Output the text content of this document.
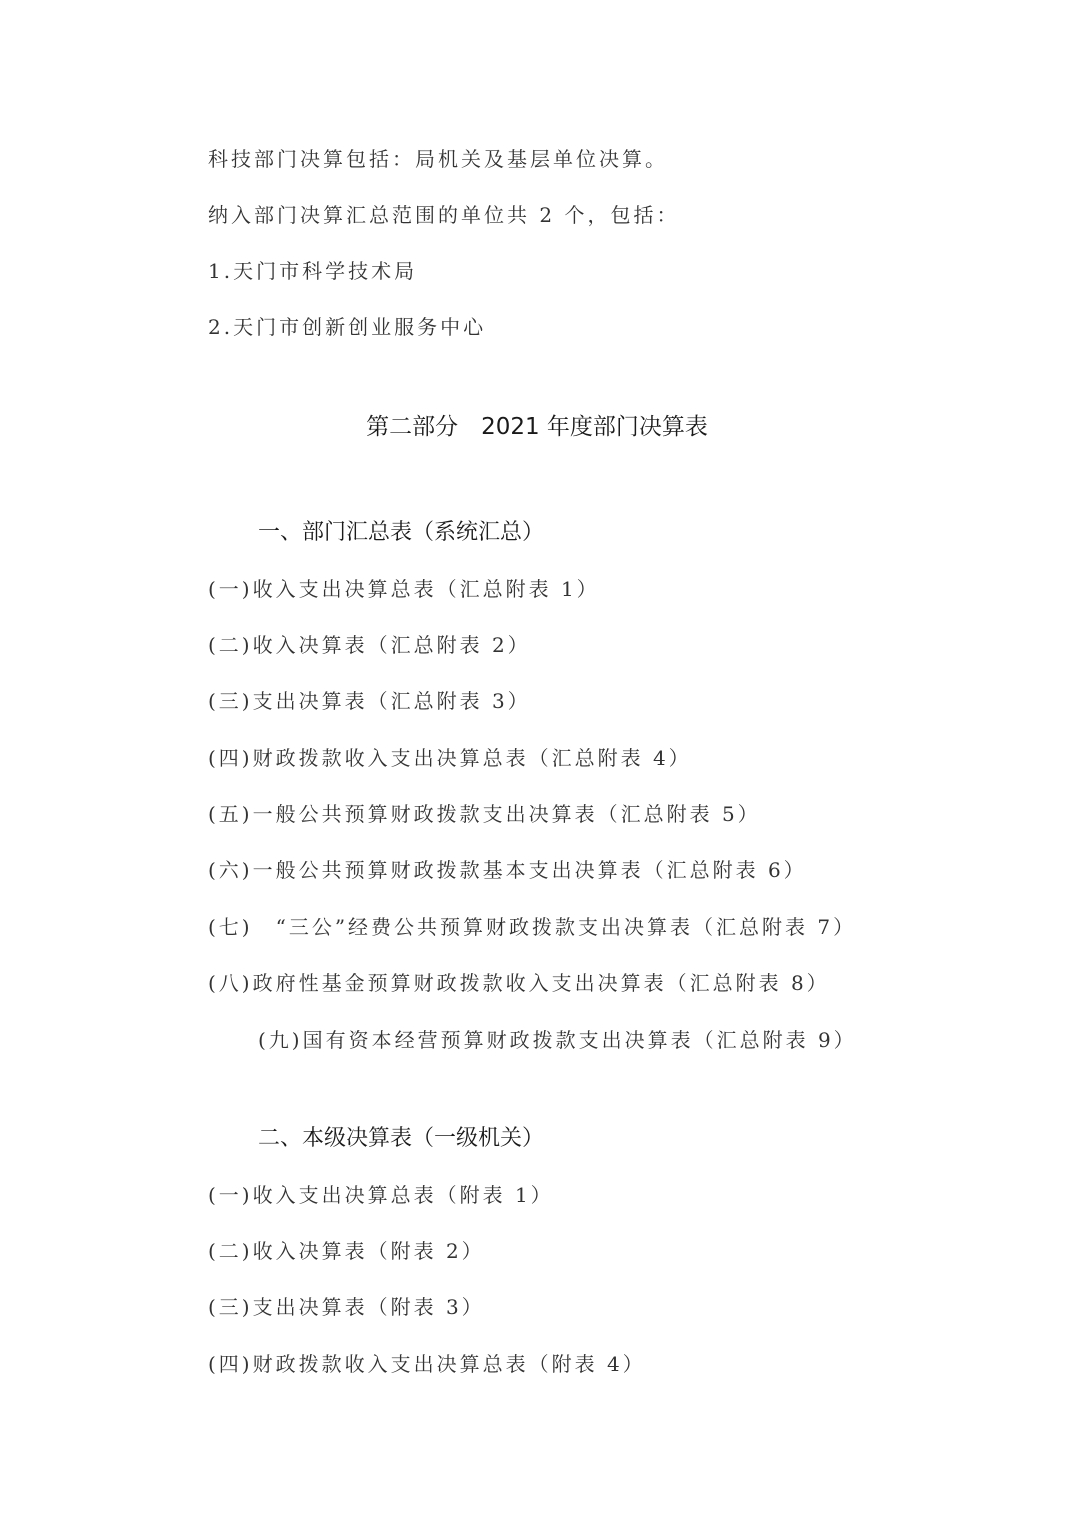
科技部门决算包括：局机关及基层单位决算。
纳入部门决算汇总范围的单位共 2 个，包括：
1.天门市科学技术局
2.天门市创新创业服务中心
第二部分　2021 年度部门决算表
一、部门汇总表（系统汇总）
(一)收入支出决算总表（汇总附表 1）
(二)收入决算表（汇总附表 2）
(三)支出决算表（汇总附表 3）
(四)财政拨款收入支出决算总表（汇总附表 4）
(五)一般公共预算财政拨款支出决算表（汇总附表 5）
(六)一般公共预算财政拨款基本支出决算表（汇总附表 6）
(七)　“三公”经费公共预算财政拨款支出决算表（汇总附表 7）
(八)政府性基金预算财政拨款收入支出决算表（汇总附表 8）
(九)国有资本经营预算财政拨款支出决算表（汇总附表 9）
二、本级决算表（一级机关）
(一)收入支出决算总表（附表 1）
(二)收入决算表（附表 2）
(三)支出决算表（附表 3）
(四)财政拨款收入支出决算总表（附表 4）
